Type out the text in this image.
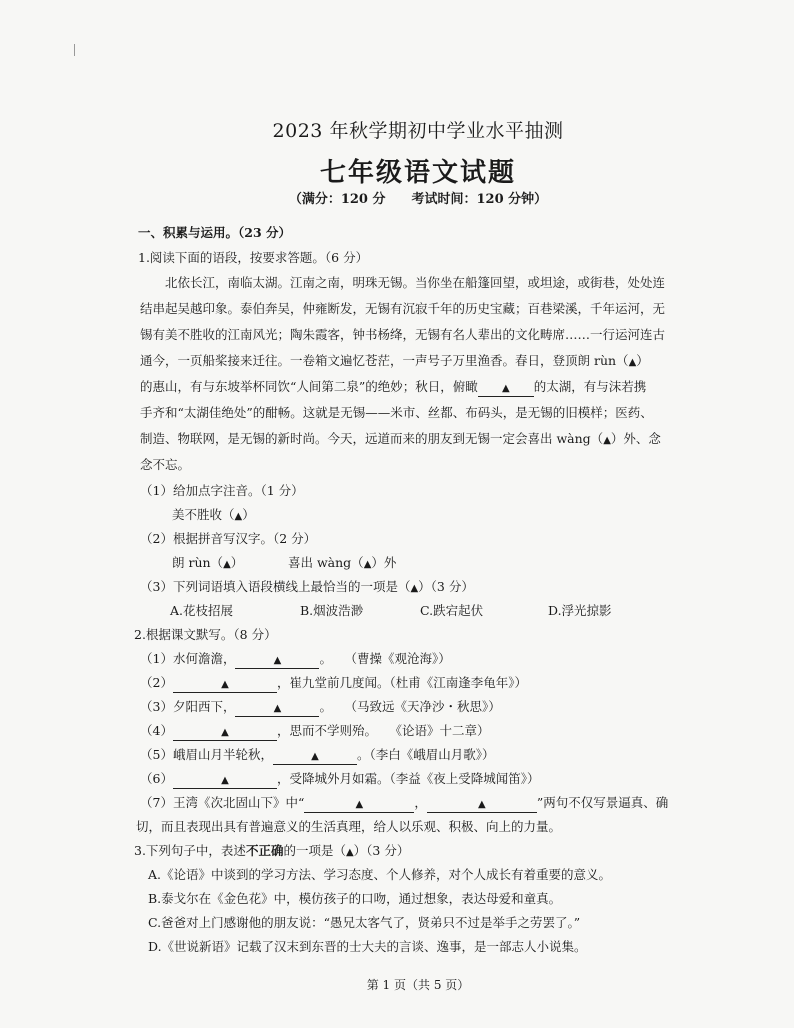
2023 年秋学期初中学业水平抽测
七年级语文试题
（满分：120 分　　考试时间：120 分钟）
一、积累与运用。（23 分）
1.阅读下面的语段，按要求答题。（6 分）
　　北依长江，南临太湖。江南之南，明珠无锡。当你坐在船篷回望，或坦途，或街巷，处处连
结串起吴越印象。泰伯奔吴，仲雍断发，无锡有沉寂千年的历史宝藏；百巷梁溪，千年运河，无
锡有美不胜收的江南风光；陶朱霞客，钟书杨绛，无锡有名人辈出的文化畴席……一行运河连古
通今，一页船桨接来迁往。一卷箱文遍忆苍茫，一声号子万里渔香。春日，登顶朗 rùn（▲）
的惠山，有与东坡举杯同饮“人间第二泉”的绝妙；秋日，俯瞰 ▲ 的太湖，有与沫若携
手齐和“太湖佳绝处”的酣畅。这就是无锡——米市、丝都、布码头，是无锡的旧模样；医药、
制造、物联网，是无锡的新时尚。今天，远道而来的朋友到无锡一定会喜出 wàng（▲）外、念
念不忘。
（1）给加点字注音。（1 分）
美不胜收（▲）
（2）根据拼音写汉字。（2 分）
朗 rùn（▲）	喜出 wàng（▲）外
（3）下列词语填入语段横线上最恰当的一项是（▲）（3 分）
A.花枝招展	B.烟波浩渺	C.跌宕起伏	D.浮光掠影
2.根据课文默写。（8 分）
（1）水何澹澹，	▲	。　　（曹操《观沧海》）
（2）	▲	，崔九堂前几度闻。（杜甫《江南逢李龟年》）
（3）夕阳西下，	▲	。　　（马致远《天净沙・秋思》）
（4）	▲	，思而不学则殆。　　《论语》十二章）
（5）峨眉山月半轮秋，	▲	。（李白《峨眉山月歌》）
（6）	▲	，受降城外月如霜。（李益《夜上受降城闻笛》）
（7）王湾《次北固山下》中“	▲	，	▲	”两句不仅写景逼真、确
切，而且表现出具有普遍意义的生活真理，给人以乐观、积极、向上的力量。
3.下列句子中，表述不正确的一项是（▲）（3 分）
A.《论语》中谈到的学习方法、学习态度、个人修养，对个人成长有着重要的意义。
B.泰戈尔在《金色花》中，模仿孩子的口吻，通过想象，表达母爱和童真。
C.爸爸对上门感谢他的朋友说：“愚兄太客气了，贤弟只不过是举手之劳罢了。”
D.《世说新语》记载了汉末到东晋的士大夫的言谈、逸事，是一部志人小说集。
第 1 页（共 5 页）
